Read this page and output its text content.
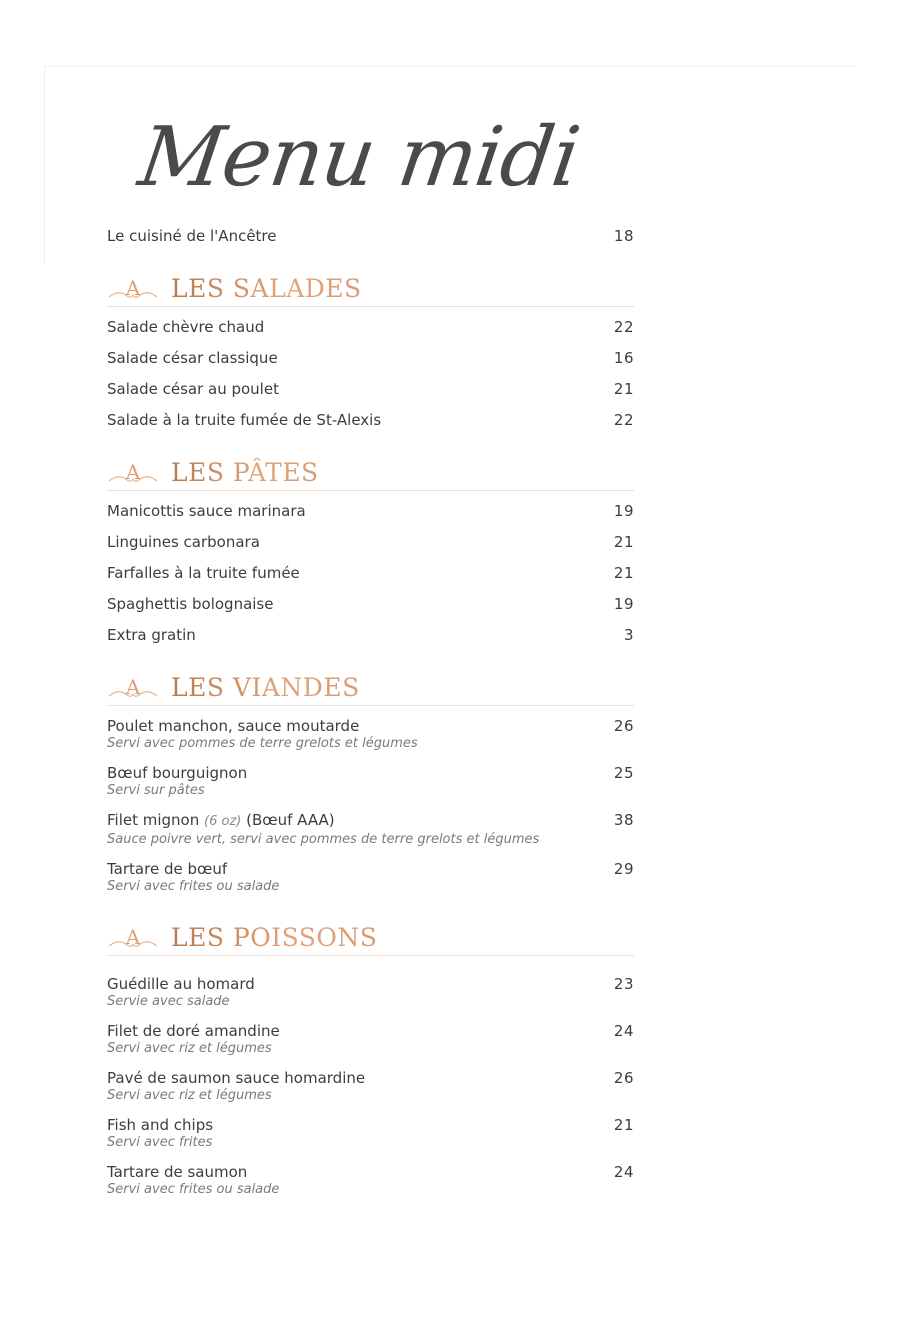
Menu midi
Le cuisiné de l'Ancêtre	18
A LES SALADES
Salade chèvre chaud	22
Salade césar classique	16
Salade césar au poulet	21
Salade à la truite fumée de St-Alexis	22
A LES PÂTES
Manicottis sauce marinara	19
Linguines carbonara	21
Farfalles à la truite fumée	21
Spaghettis bolognaise	19
Extra gratin	3
A LES VIANDES
Poulet manchon, sauce moutarde	26
Servi avec pommes de terre grelots et légumes
Bœuf bourguignon	25
Servi sur pâtes
Filet mignon (6 oz) (Bœuf AAA)	38
Sauce poivre vert, servi avec pommes de terre grelots et légumes
Tartare de bœuf	29
Servi avec frites ou salade
A LES POISSONS
Guédille au homard	23
Servie avec salade
Filet de doré amandine	24
Servi avec riz et légumes
Pavé de saumon sauce homardine	26
Servi avec riz et légumes
Fish and chips	21
Servi avec frites
Tartare de saumon	24
Servi avec frites ou salade
